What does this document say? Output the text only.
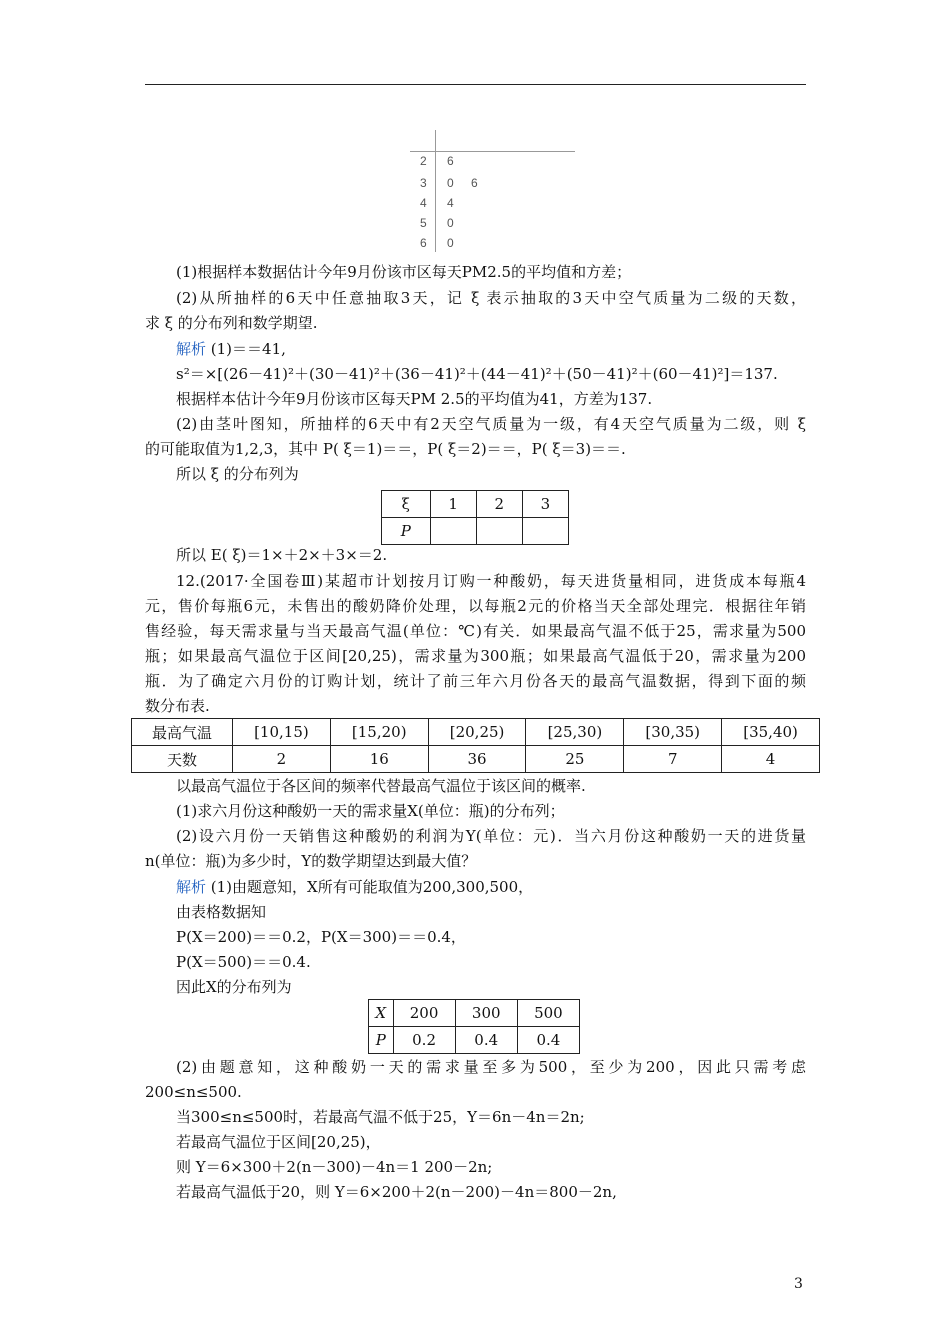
2 6
3 0 6
4 4
5 0
6 0
(1)根据样本数据估计今年9月份该市区每天PM2.5的平均值和方差；
(2)从所抽样的6天中任意抽取3天，记 ξ 表示抽取的3天中空气质量为二级的天数，
求 ξ 的分布列和数学期望.
解析 (1)＝＝41,
s²＝×[(26－41)²＋(30－41)²＋(36－41)²＋(44－41)²＋(50－41)²＋(60－41)²]＝137.
根据样本估计今年9月份该市区每天PM 2.5的平均值为41，方差为137.
(2)由茎叶图知，所抽样的6天中有2天空气质量为一级，有4天空气质量为二级，则 ξ
的可能取值为1,2,3，其中 P( ξ＝1)＝＝，P( ξ＝2)＝＝，P( ξ＝3)＝＝.
所以 ξ 的分布列为
ξ	1	2	3
P			
所以 E( ξ)＝1×＋2×＋3×＝2.
12.(2017·全国卷Ⅲ)某超市计划按月订购一种酸奶，每天进货量相同，进货成本每瓶4
元，售价每瓶6元，未售出的酸奶降价处理，以每瓶2元的价格当天全部处理完．根据往年销
售经验，每天需求量与当天最高气温(单位：℃)有关．如果最高气温不低于25，需求量为500
瓶；如果最高气温位于区间[20,25)，需求量为300瓶；如果最高气温低于20，需求量为200
瓶．为了确定六月份的订购计划，统计了前三年六月份各天的最高气温数据，得到下面的频
数分布表.
最高气温	[10,15)	[15,20)	[20,25)	[25,30)	[30,35)	[35,40)
天数	2	16	36	25	7	4
以最高气温位于各区间的频率代替最高气温位于该区间的概率.
(1)求六月份这种酸奶一天的需求量X(单位：瓶)的分布列；
(2)设六月份一天销售这种酸奶的利润为Y(单位：元)．当六月份这种酸奶一天的进货量
n(单位：瓶)为多少时，Y的数学期望达到最大值？
解析 (1)由题意知，X所有可能取值为200,300,500，
由表格数据知
P(X＝200)＝＝0.2，P(X＝300)＝＝0.4，
P(X＝500)＝＝0.4.
因此X的分布列为
X	200	300	500
P	0.2	0.4	0.4
(2)由题意知，这种酸奶一天的需求量至多为500，至少为200，因此只需考虑
200≤n≤500.
当300≤n≤500时，若最高气温不低于25，Y＝6n－4n＝2n;
若最高气温位于区间[20,25)，
则 Y＝6×300＋2(n－300)－4n＝1 200－2n;
若最高气温低于20，则 Y＝6×200＋2(n－200)－4n＝800－2n,
3
